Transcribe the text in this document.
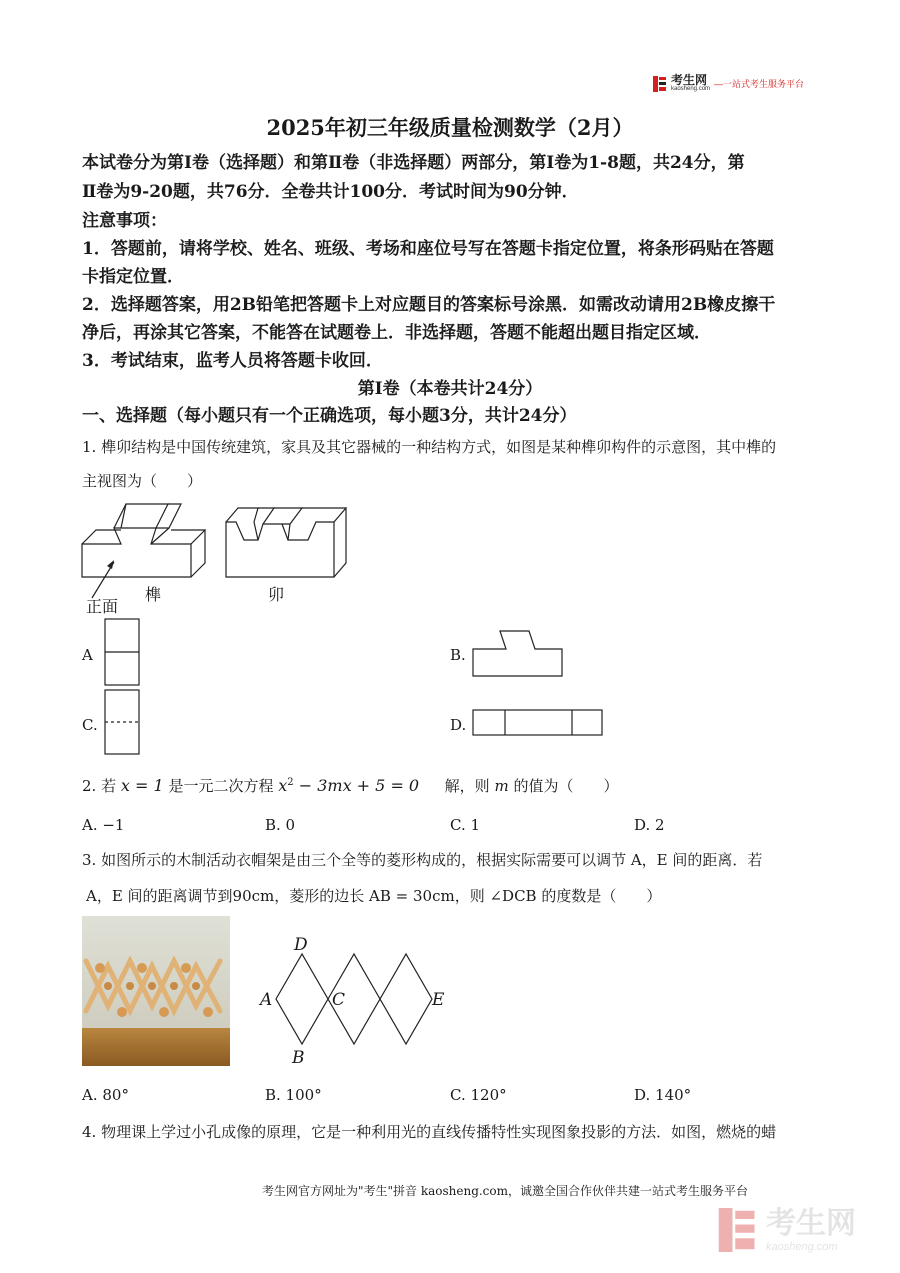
考生网
kaosheng.com
— 一站式考生服务平台
2025年初三年级质量检测数学（2月）
本试卷分为第Ⅰ卷（选择题）和第Ⅱ卷（非选择题）两部分，第Ⅰ卷为1-8题，共24分，第
Ⅱ卷为9-20题，共76分．全卷共计100分．考试时间为90分钟．
注意事项：
1．答题前，请将学校、姓名、班级、考场和座位号写在答题卡指定位置，将条形码贴在答题
卡指定位置．
2．选择题答案，用2B铅笔把答题卡上对应题目的答案标号涂黑．如需改动请用2B橡皮擦干
净后，再涂其它答案，不能答在试题卷上．非选择题，答题不能超出题目指定区域．
3．考试结束，监考人员将答题卡收回．
第Ⅰ卷（本卷共计24分）
一、选择题（每小题只有一个正确选项，每小题3分，共计24分）
1. 榫卯结构是中国传统建筑，家具及其它器械的一种结构方式，如图是某种榫卯构件的示意图，其中榫的
主视图为（　　）
正面
榫	卯
A	B.
C.	D.
2. 若 x = 1 是一元二次方程 $x^2 - 3mx + 5 = 0$ 解，则 m 的值为（　　）
A. −1	B. 0	C. 1	D. 2
3. 如图所示的木制活动衣帽架是由三个全等的菱形构成的，根据实际需要可以调节 A，E 间的距离．若
A，E 间的距离调节到90cm，菱形的边长 AB = 30cm，则 ∠DCB 的度数是（　　）
D
A	C	E
B
A. 80°	B. 100°	C. 120°	D. 140°
4. 物理课上学过小孔成像的原理，它是一种利用光的直线传播特性实现图象投影的方法．如图，燃烧的蜡
考生网官方网址为"考生"拼音 kaosheng.com，诚邀全国合作伙伴共建一站式考生服务平台
考生网
kaosheng.com
